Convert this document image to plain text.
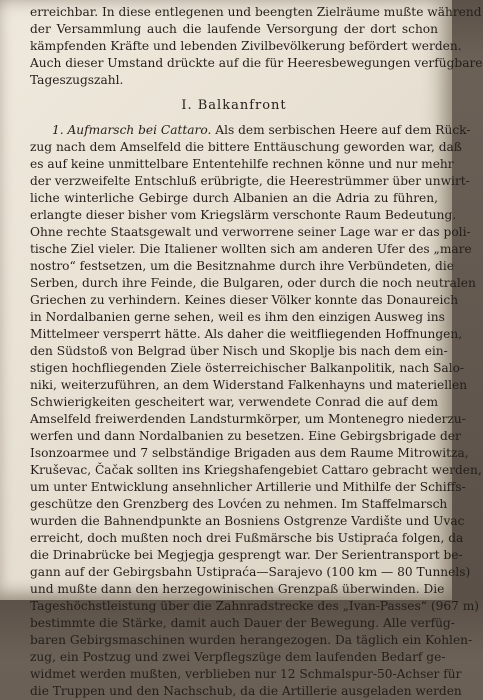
erreichbar. In diese entlegenen und beengten Zielräume mußte während
der Versammlung auch die laufende Versorgung der dort schon
kämpfenden Kräfte und lebenden Zivilbevölkerung befördert werden.
Auch dieser Umstand drückte auf die für Heeresbewegungen verfügbare
Tageszugszahl.
I. Balkanfront
1. Aufmarsch bei Cattaro. Als dem serbischen Heere auf dem Rück-
zug nach dem Amselfeld die bittere Enttäuschung geworden war, daß
es auf keine unmittelbare Ententehilfe rechnen könne und nur mehr
der verzweifelte Entschluß erübrigte, die Heerestrümmer über unwirt-
liche winterliche Gebirge durch Albanien an die Adria zu führen,
erlangte dieser bisher vom Kriegslärm verschonte Raum Bedeutung.
Ohne rechte Staatsgewalt und verworrene seiner Lage war er das poli-
tische Ziel vieler. Die Italiener wollten sich am anderen Ufer des „mare
nostro“ festsetzen, um die Besitznahme durch ihre Verbündeten, die
Serben, durch ihre Feinde, die Bulgaren, oder durch die noch neutralen
Griechen zu verhindern. Keines dieser Völker konnte das Donaureich
in Nordalbanien gerne sehen, weil es ihm den einzigen Ausweg ins
Mittelmeer versperrt hätte. Als daher die weitfliegenden Hoffnungen,
den Südstoß von Belgrad über Nisch und Skoplje bis nach dem ein-
stigen hochfliegenden Ziele österreichischer Balkanpolitik, nach Salo-
niki, weiterzuführen, an dem Widerstand Falkenhayns und materiellen
Schwierigkeiten gescheitert war, verwendete Conrad die auf dem
Amselfeld freiwerdenden Landsturmkörper, um Montenegro niederzu-
werfen und dann Nordalbanien zu besetzen. Eine Gebirgsbrigade der
Isonzoarmee und 7 selbständige Brigaden aus dem Raume Mitrowitza,
Kruševac, Čačak sollten ins Kriegshafengebiet Cattaro gebracht werden,
um unter Entwicklung ansehnlicher Artillerie und Mithilfe der Schiffs-
geschütze den Grenzberg des Lovćen zu nehmen. Im Staffelmarsch
wurden die Bahnendpunkte an Bosniens Ostgrenze Vardište und Uvac
erreicht, doch mußten noch drei Fußmärsche bis Ustipraća folgen, da
die Drinabrücke bei Megjegja gesprengt war. Der Serientransport be-
gann auf der Gebirgsbahn Ustipraća—Sarajevo (100 km — 80 Tunnels)
und mußte dann den herzegowinischen Grenzpaß überwinden. Die
Tageshöchstleistung über die Zahnradstrecke des „Ivan-Passes“ (967 m)
bestimmte die Stärke, damit auch Dauer der Bewegung. Alle verfüg-
baren Gebirgsmaschinen wurden herangezogen. Da täglich ein Kohlen-
zug, ein Postzug und zwei Verpflegszüge dem laufenden Bedarf ge-
widmet werden mußten, verblieben nur 12 Schmalspur-50-Achser für
die Truppen und den Nachschub, da die Artillerie ausgeladen werden
